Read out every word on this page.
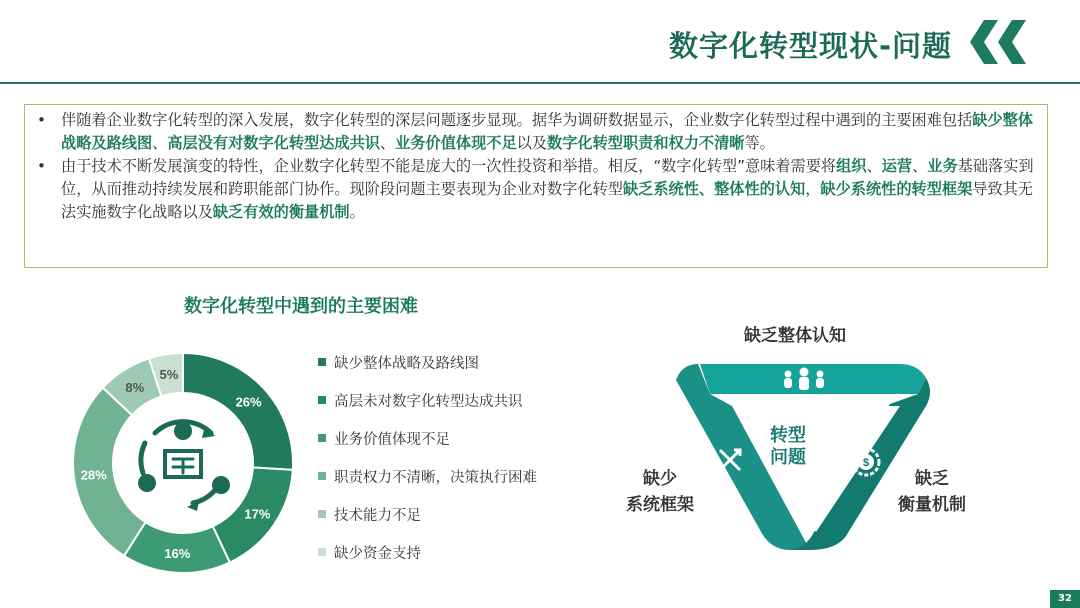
数字化转型现状-问题

• 伴随着企业数字化转型的深入发展，数字化转型的深层问题逐步显现。据华为调研数据显示，企业数字化转型过程中遇到的主要困难包括缺少整体战略及路线图、高层没有对数字化转型达成共识、业务价值体现不足以及数字化转型职责和权力不清晰等。

• 由于技术不断发展演变的特性，企业数字化转型不能是庞大的一次性投资和举措。相反，“数字化转型”意味着需要将组织、运营、业务基础落实到位，从而推动持续发展和跨职能部门协作。现阶段问题主要表现为企业对数字化转型缺乏系统性、整体性的认知，缺少系统性的转型框架导致其无法实施数字化战略以及缺乏有效的衡量机制。

数字化转型中遇到的主要困难
26%
17%
16%
28%
8%
5%
缺少整体战略及路线图
高层未对数字化转型达成共识
业务价值体现不足
职责权力不清晰，决策执行困难
技术能力不足
缺少资金支持
$
转型
问题
缺乏整体认知
缺少
系统框架
缺乏
衡量机制
32
